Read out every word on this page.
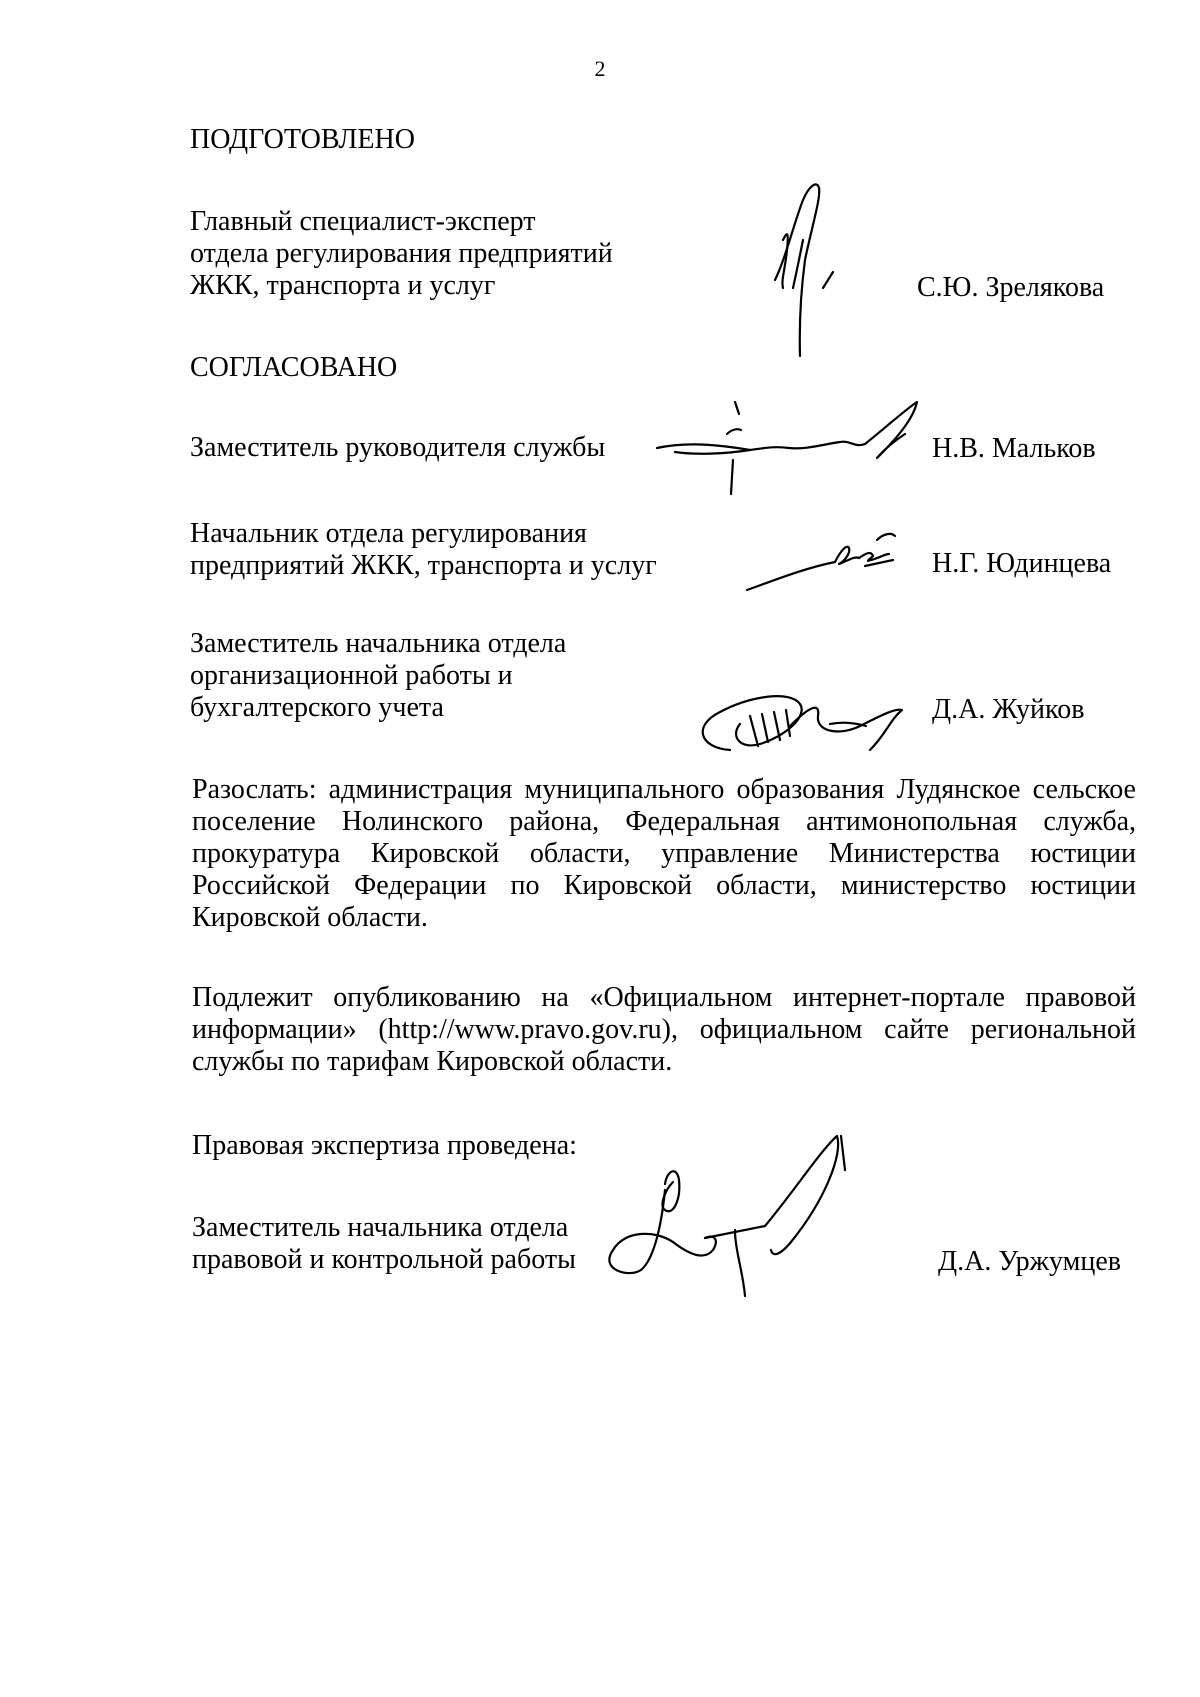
2
ПОДГОТОВЛЕНО
Главный специалист-эксперт
отдела регулирования предприятий
ЖКК, транспорта и услуг	С.Ю. Зрелякова
СОГЛАСОВАНО
Заместитель руководителя службы	Н.В. Мальков
Начальник отдела регулирования
предприятий ЖКК, транспорта и услуг	Н.Г. Юдинцева
Заместитель начальника отдела
организационной работы и
бухгалтерского учета	Д.А. Жуйков
Разослать: администрация муниципального образования Лудянское сельское
поселение Нолинского района, Федеральная антимонопольная служба,
прокуратура Кировской области, управление Министерства юстиции
Российской Федерации по Кировской области, министерство юстиции
Кировской области.
Подлежит опубликованию на «Официальном интернет-портале правовой
информации» (http://www.pravo.gov.ru), официальном сайте региональной
службы по тарифам Кировской области.
Правовая экспертиза проведена:
Заместитель начальника отдела
правовой и контрольной работы	Д.А. Уржумцев
